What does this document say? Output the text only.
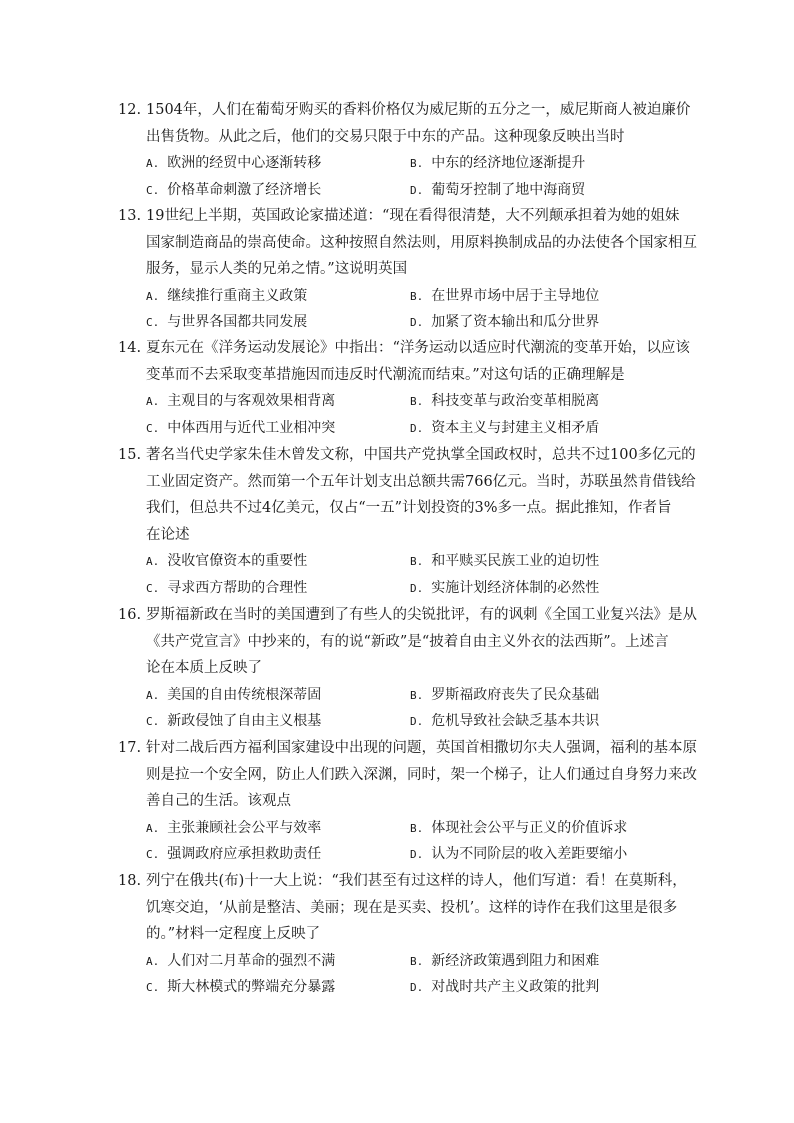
12. 1504年，人们在葡萄牙购买的香料价格仅为威尼斯的五分之一，威尼斯商人被迫廉价
出售货物。从此之后，他们的交易只限于中东的产品。这种现象反映出当时

A. 欧洲的经贸中心逐渐转移	B. 中东的经济地位逐渐提升
C. 价格革命刺激了经济增长	D. 葡萄牙控制了地中海商贸

13. 19世纪上半期，英国政论家描述道：“现在看得很清楚，大不列颠承担着为她的姐妹
国家制造商品的崇高使命。这种按照自然法则，用原料换制成品的办法使各个国家相互
服务，显示人类的兄弟之情。”这说明英国

A. 继续推行重商主义政策	B. 在世界市场中居于主导地位
C. 与世界各国都共同发展	D. 加紧了资本输出和瓜分世界

14. 夏东元在《洋务运动发展论》中指出：“洋务运动以适应时代潮流的变革开始，以应该
变革而不去采取变革措施因而违反时代潮流而结束。”对这句话的正确理解是

A. 主观目的与客观效果相背离	B. 科技变革与政治变革相脱离
C. 中体西用与近代工业相冲突	D. 资本主义与封建主义相矛盾

15. 著名当代史学家朱佳木曾发文称，中国共产党执掌全国政权时，总共不过100多亿元的
工业固定资产。然而第一个五年计划支出总额共需766亿元。当时，苏联虽然肯借钱给
我们，但总共不过4亿美元，仅占“一五”计划投资的3%多一点。据此推知，作者旨
在论述

A. 没收官僚资本的重要性	B. 和平赎买民族工业的迫切性
C. 寻求西方帮助的合理性	D. 实施计划经济体制的必然性

16. 罗斯福新政在当时的美国遭到了有些人的尖锐批评，有的讽刺《全国工业复兴法》是从
《共产党宣言》中抄来的，有的说“新政”是“披着自由主义外衣的法西斯”。上述言
论在本质上反映了

A. 美国的自由传统根深蒂固	B. 罗斯福政府丧失了民众基础
C. 新政侵蚀了自由主义根基	D. 危机导致社会缺乏基本共识

17. 针对二战后西方福利国家建设中出现的问题，英国首相撒切尔夫人强调，福利的基本原
则是拉一个安全网，防止人们跌入深渊，同时，架一个梯子，让人们通过自身努力来改
善自己的生活。该观点

A. 主张兼顾社会公平与效率	B. 体现社会公平与正义的价值诉求
C. 强调政府应承担救助责任	D. 认为不同阶层的收入差距要缩小

18. 列宁在俄共(布)十一大上说：“我们甚至有过这样的诗人，他们写道：看！在莫斯科，
饥寒交迫，‘从前是整洁、美丽；现在是买卖、投机’。这样的诗作在我们这里是很多
的。”材料一定程度上反映了

A. 人们对二月革命的强烈不满	B. 新经济政策遇到阻力和困难
C. 斯大林模式的弊端充分暴露	D. 对战时共产主义政策的批判
